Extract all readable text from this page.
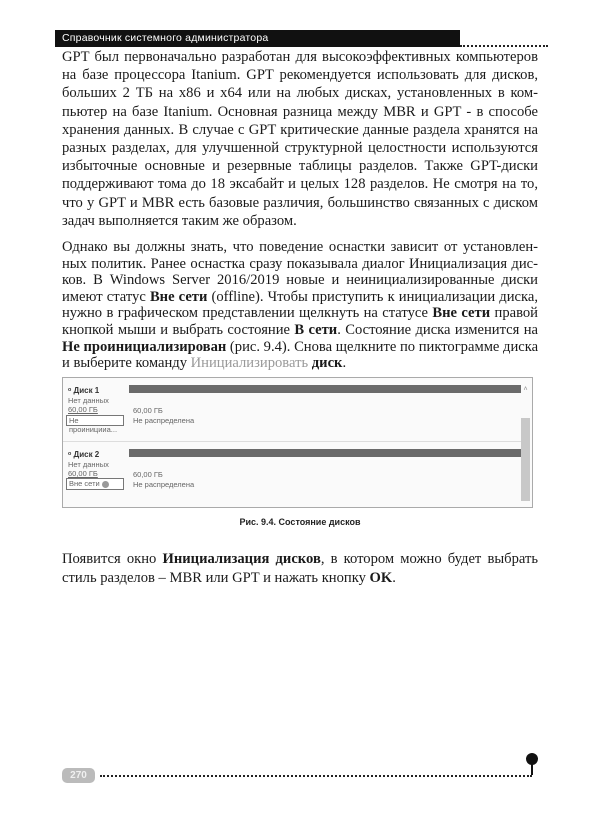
Справочник системного администратора
GPT был первоначально разработан для высокоэффективных компьютеров
на базе процессора Itanium. GPT рекомендуется использовать для дисков,
больших 2 ТБ на x86 и x64 или на любых дисках, установленных в ком-
пьютер на базе Itanium. Основная разница между MBR и GPT - в способе
хранения данных. В случае с GPT критические данные раздела хранятся на
разных разделах, для улучшенной структурной целостности используются
избыточные основные и резервные таблицы разделов. Также GPT-диски
поддерживают тома до 18 эксабайт и целых 128 разделов. Не смотря на то,
что у GPT и MBR есть базовые различия, большинство связанных с диском
задач выполняется таким же образом.
Однако вы должны знать, что поведение оснастки зависит от установлен-
ных политик. Ранее оснастка сразу показывала диалог Инициализация дис-
ков. В Windows Server 2016/2019 новые и неинициализированные диски
имеют статус Вне сети (offline). Чтобы приступить к инициализации диска,
нужно в графическом представлении щелкнуть на статусе Вне сети правой
кнопкой мыши и выбрать состояние В сети. Состояние диска изменится на
Не проинициализирован (рис. 9.4). Снова щелкните по пиктограмме диска
и выберите команду Инициализировать диск.
ᵒ Диск 1
Нет данных
60,00 ГБ
Не проиницииа...
60,00 ГБ
Не распределена
ᵒ Диск 2
Нет данных
60,00 ГБ
Вне сети
60,00 ГБ
Не распределена
˄
Рис. 9.4. Состояние дисков
Появится окно Инициализация дисков, в котором можно будет выбрать
стиль разделов – MBR или GPT и нажать кнопку OK.
270
